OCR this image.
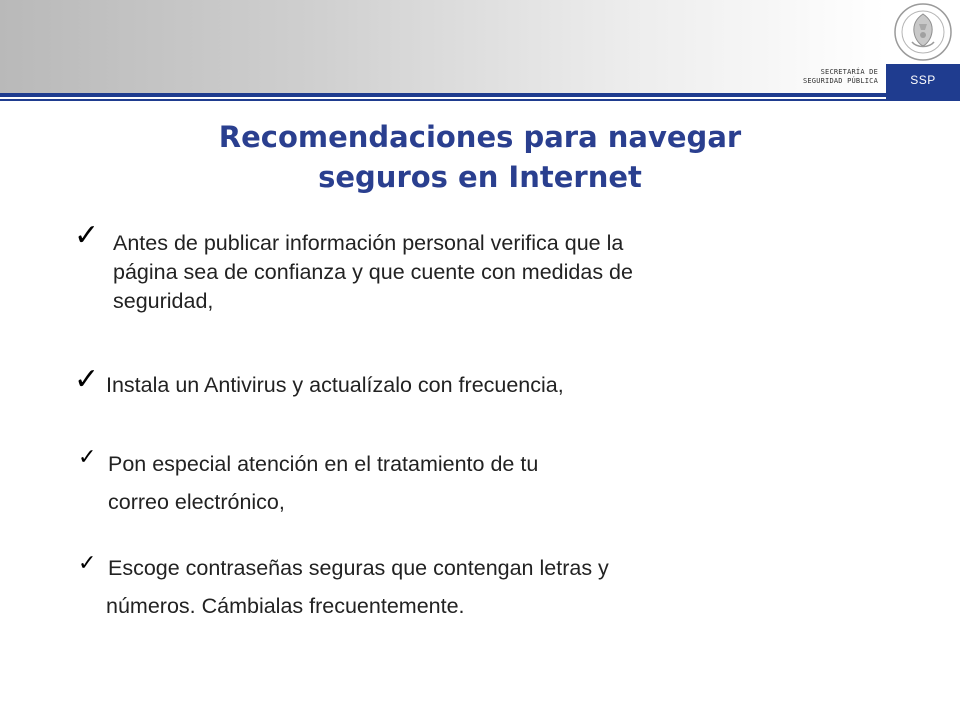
SECRETARÍA DE
SEGURIDAD PÚBLICA	SSP
Recomendaciones para navegar
seguros en Internet
✓ Antes de publicar información personal verifica que la
página sea de confianza y que cuente con medidas de
seguridad,
✓ Instala un Antivirus y actualízalo con frecuencia,
✓ Pon especial atención en el tratamiento de tu
correo electrónico,
✓ Escoge contraseñas seguras que contengan letras y
números. Cámbialas frecuentemente.
